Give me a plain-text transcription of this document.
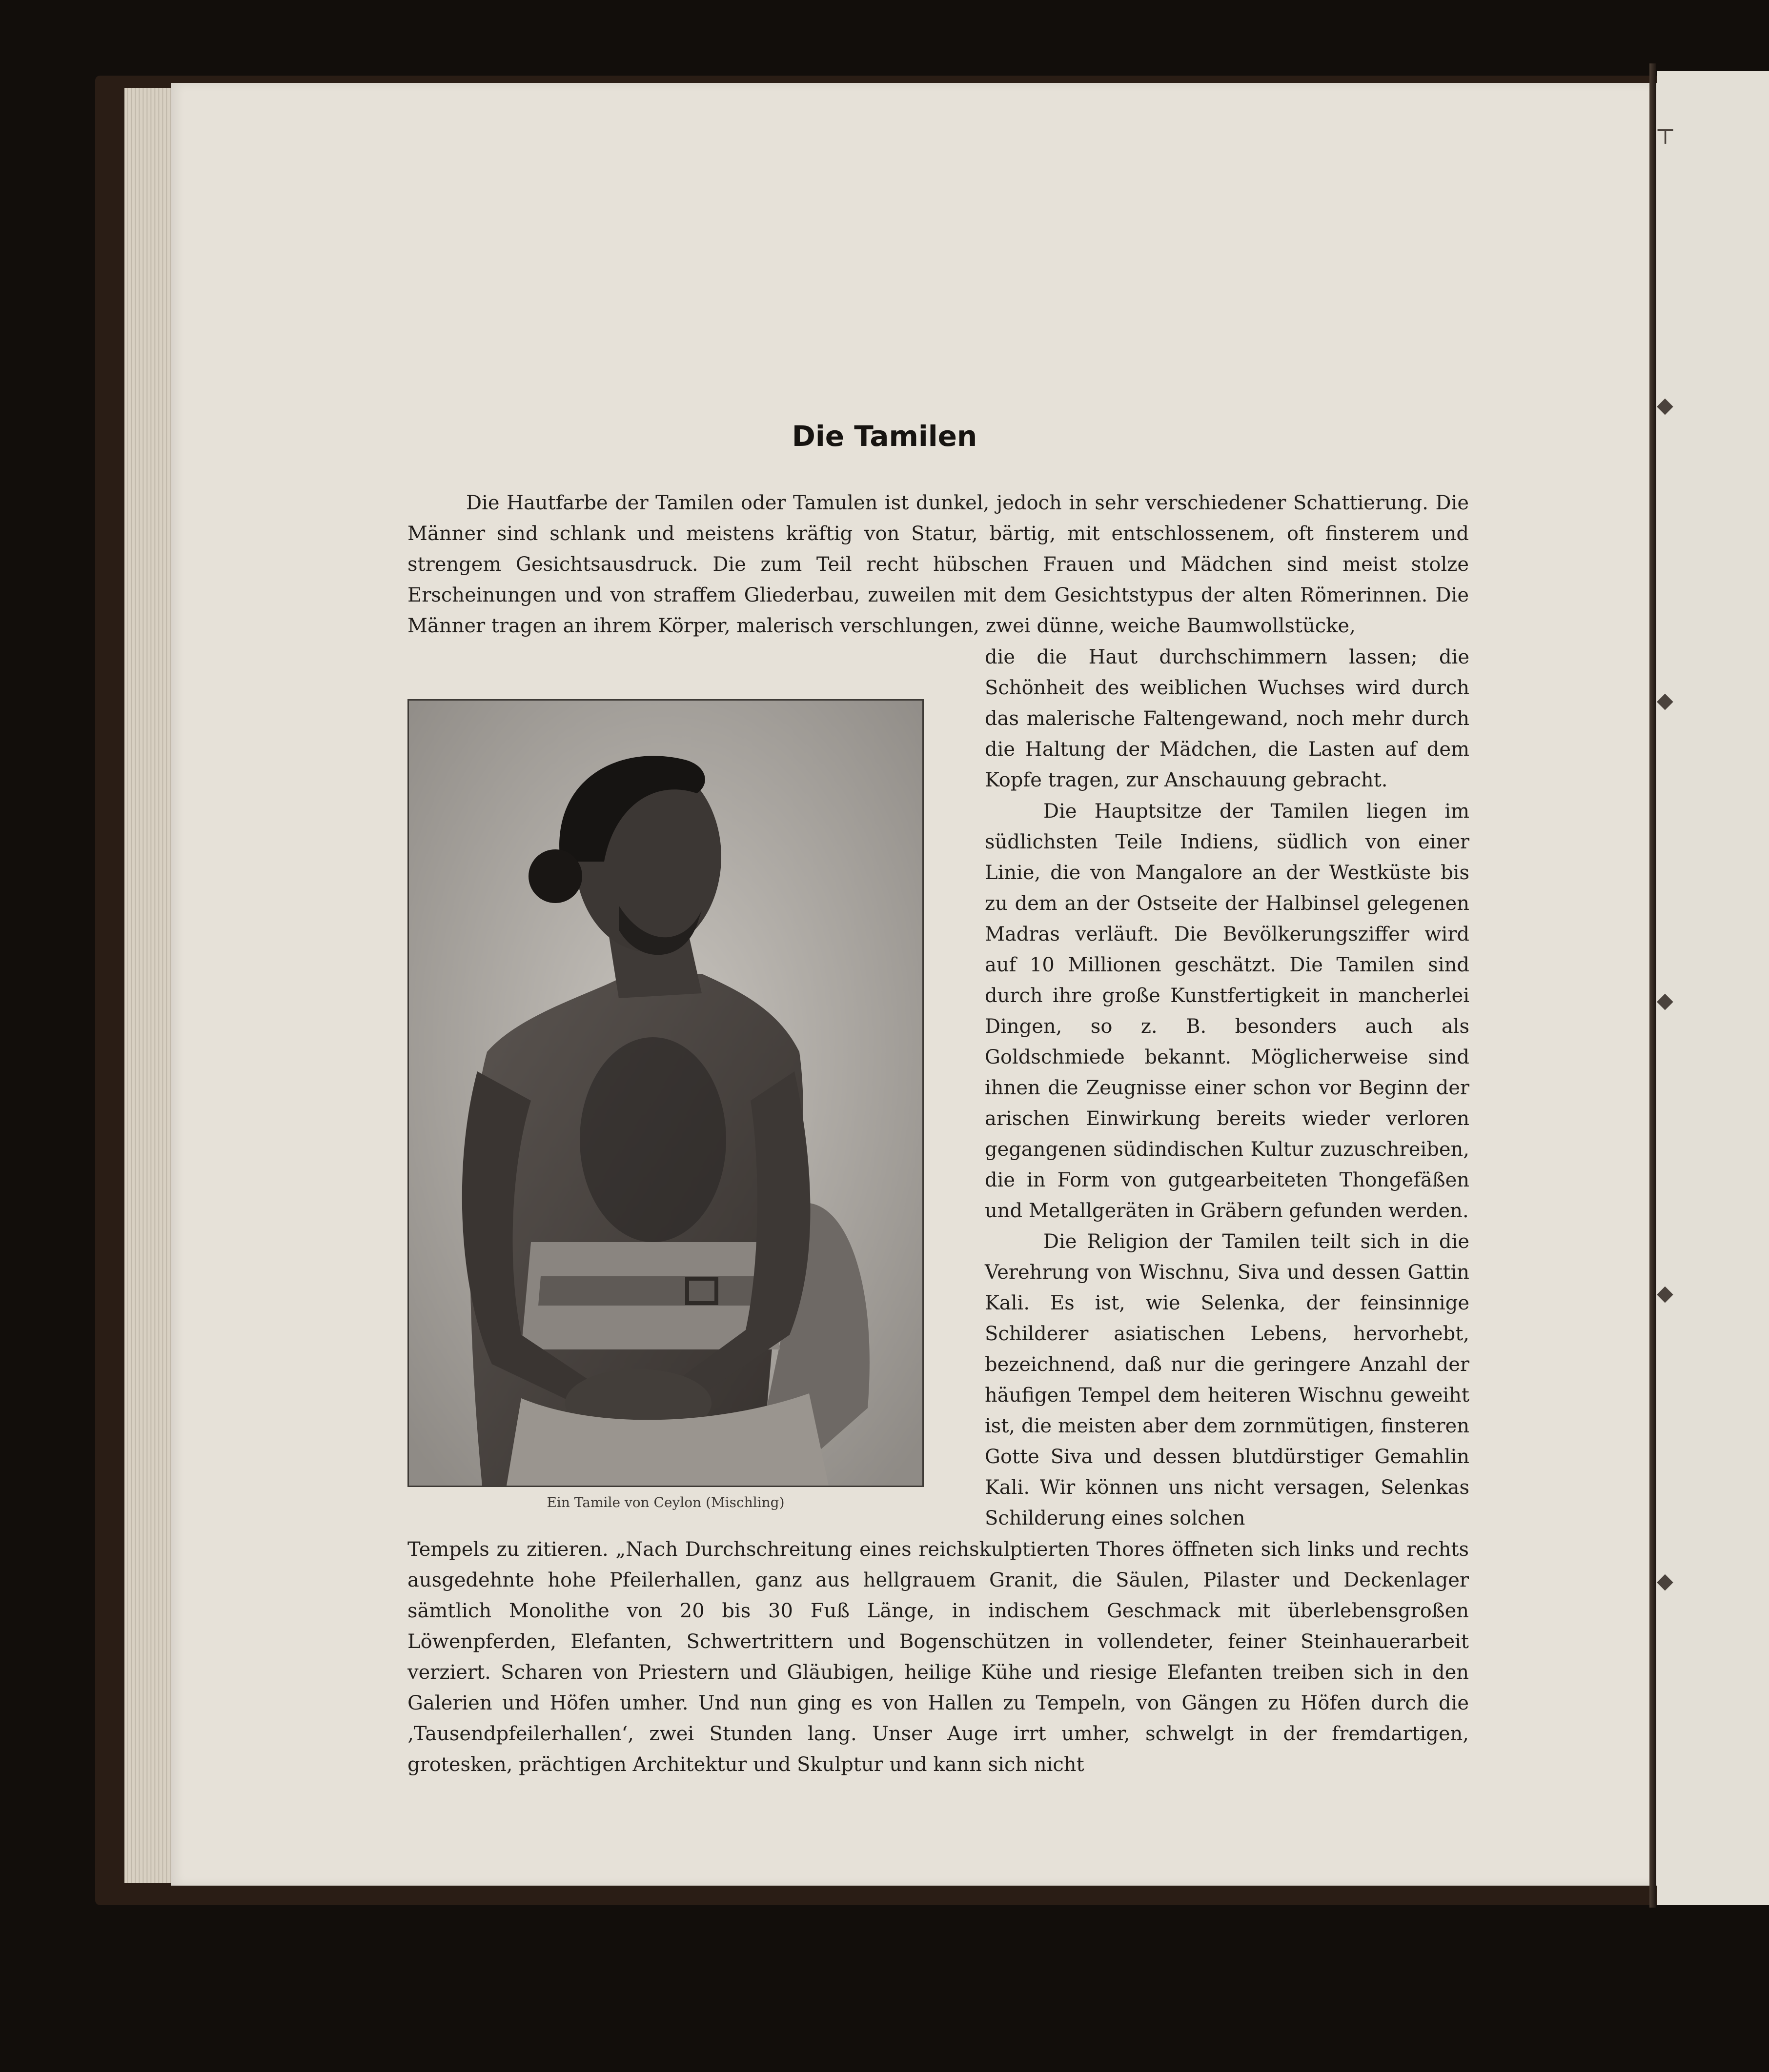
⊤
◆
◆
◆
◆
◆
Die Tamilen

Die Hautfarbe der Tamilen oder Tamulen ist dunkel, jedoch in sehr verschiedener Schattierung. Die Männer sind schlank und meistens kräftig von Statur, bärtig, mit entschlossenem, oft finsterem und strengem Gesichtsausdruck. Die zum Teil recht hübschen Frauen und Mädchen sind meist stolze Erscheinungen und von straffem Gliederbau, zuweilen mit dem Gesichtstypus der alten Römerinnen. Die Männer tragen an ihrem Körper, malerisch verschlungen, zwei dünne, weiche Baumwollstücke,

die die Haut durchschimmern lassen; die Schönheit des weiblichen Wuchses wird durch das malerische Faltengewand, noch mehr durch die Haltung der Mädchen, die Lasten auf dem Kopfe tragen, zur Anschauung gebracht.

Die Hauptsitze der Tamilen liegen im südlichsten Teile Indiens, südlich von einer Linie, die von Mangalore an der Westküste bis zu dem an der Ostseite der Halbinsel gelegenen Madras verläuft. Die Bevölkerungsziffer wird auf 10 Millionen geschätzt. Die Tamilen sind durch ihre große Kunstfertigkeit in mancherlei Dingen, so z. B. besonders auch als Goldschmiede bekannt. Möglicherweise sind ihnen die Zeugnisse einer schon vor Beginn der arischen Einwirkung bereits wieder verloren gegangenen südindischen Kultur zuzuschreiben, die in Form von gutgearbeiteten Thongefäßen und Metallgeräten in Gräbern gefunden werden.

Die Religion der Tamilen teilt sich in die Verehrung von Wischnu, Siva und dessen Gattin Kali. Es ist, wie Selenka, der feinsinnige Schilderer asiatischen Lebens, hervorhebt, bezeichnend, daß nur die geringere Anzahl der häufigen Tempel dem heiteren Wischnu geweiht ist, die meisten aber dem zornmütigen, finsteren Gotte Siva und dessen blutdürstiger Gemahlin Kali. Wir können uns nicht versagen, Selenkas Schilderung eines solchen

Tempels zu zitieren. „Nach Durchschreitung eines reichskulptierten Thores öffneten sich links und rechts ausgedehnte hohe Pfeilerhallen, ganz aus hellgrauem Granit, die Säulen, Pilaster und Deckenlager sämtlich Monolithe von 20 bis 30 Fuß Länge, in indischem Geschmack mit überlebensgroßen Löwenpferden, Elefanten, Schwertrittern und Bogenschützen in vollendeter, feiner Steinhauerarbeit verziert. Scharen von Priestern und Gläubigen, heilige Kühe und riesige Elefanten treiben sich in den Galerien und Höfen umher. Und nun ging es von Hallen zu Tempeln, von Gängen zu Höfen durch die ‚Tausendpfeilerhallen‘, zwei Stunden lang. Unser Auge irrt umher, schwelgt in der fremdartigen, grotesken, prächtigen Architektur und Skulptur und kann sich nicht

Ein Tamile von Ceylon (Mischling)
